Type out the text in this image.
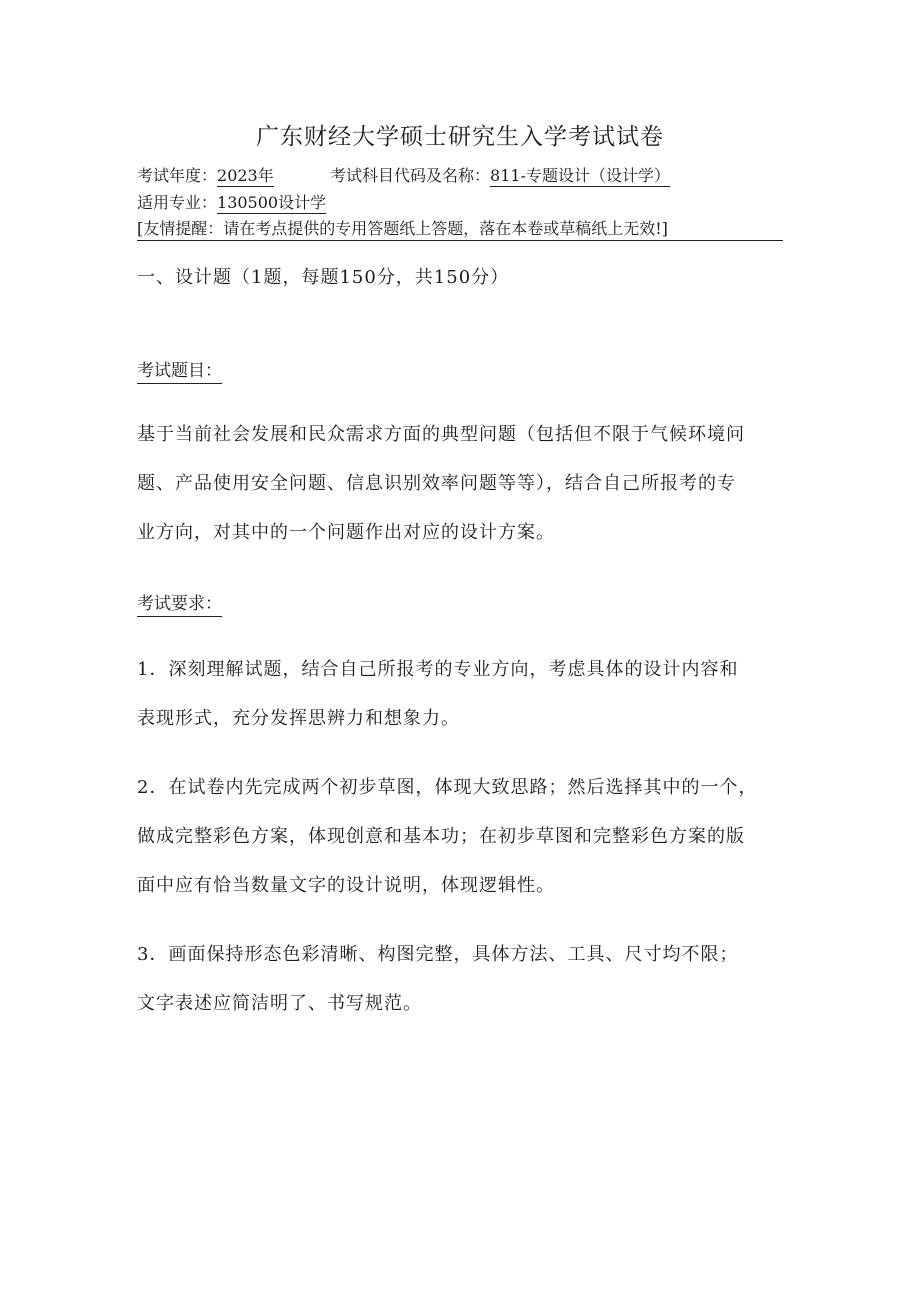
广东财经大学硕士研究生入学考试试卷
考试年度：2023年	考试科目代码及名称：811-专题设计（设计学）
适用专业：130500设计学
[友情提醒：请在考点提供的专用答题纸上答题，落在本卷或草稿纸上无效!]
一、设计题（1题，每题150分，共150分）
考试题目：
基于当前社会发展和民众需求方面的典型问题（包括但不限于气候环境问
题、产品使用安全问题、信息识别效率问题等等），结合自己所报考的专
业方向，对其中的一个问题作出对应的设计方案。
考试要求：
1．深刻理解试题，结合自己所报考的专业方向，考虑具体的设计内容和
表现形式，充分发挥思辨力和想象力。
2．在试卷内先完成两个初步草图，体现大致思路；然后选择其中的一个，
做成完整彩色方案，体现创意和基本功；在初步草图和完整彩色方案的版
面中应有恰当数量文字的设计说明，体现逻辑性。
3．画面保持形态色彩清晰、构图完整，具体方法、工具、尺寸均不限；
文字表述应简洁明了、书写规范。
